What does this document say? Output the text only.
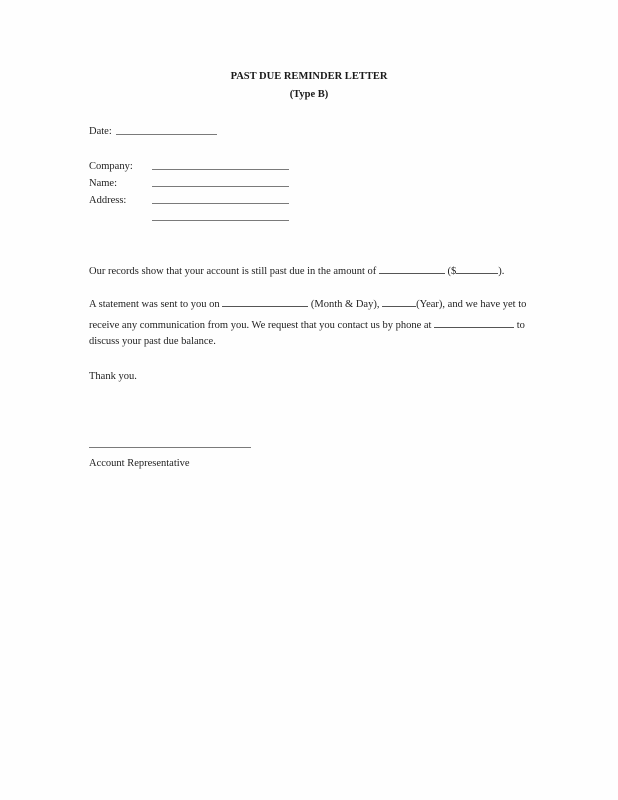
PAST DUE REMINDER LETTER
(Type B)
Date:
Company:
Name:
Address:
Our records show that your account is still past due in the amount of	($	).
A statement was sent to you on	(Month & Day),	(Year), and we have yet to
receive any communication from you. We request that you contact us by phone at	to
discuss your past due balance.
Thank you.
Account Representative
